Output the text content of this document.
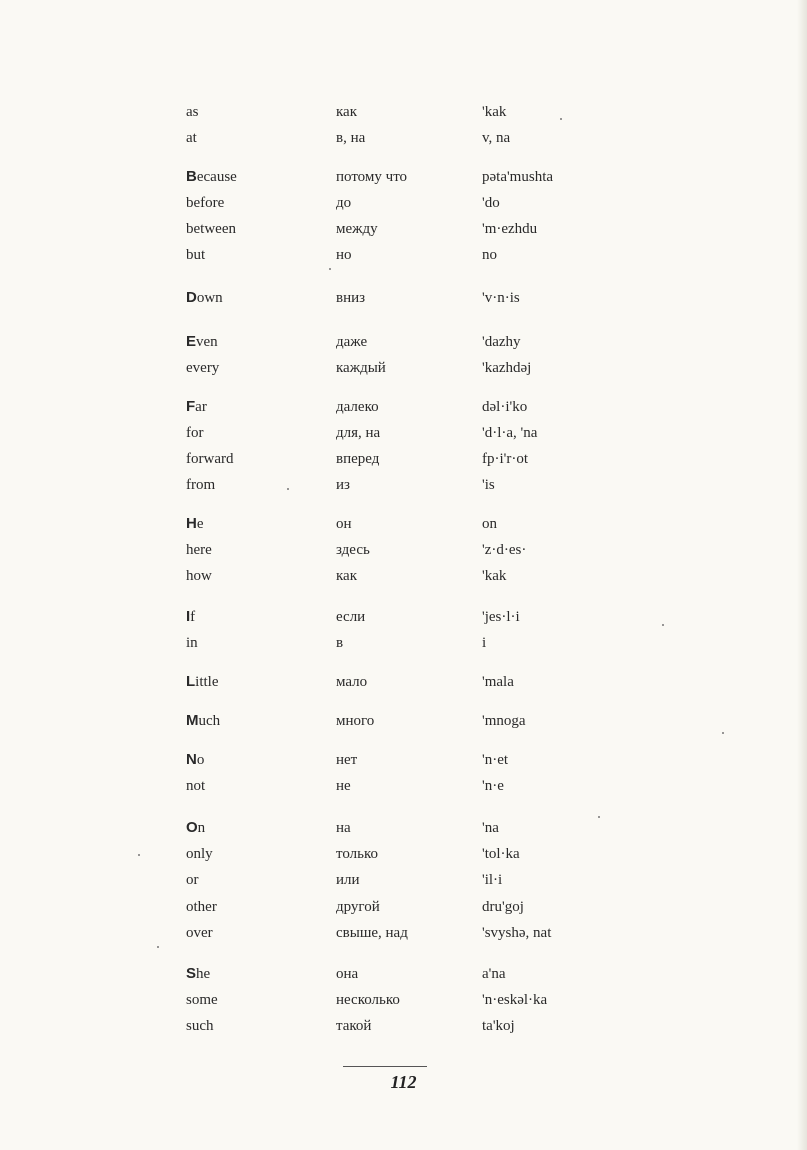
as	как	'kak
at	в, на	v, na
Because	потому что	pəta'mushta
before	до	'do
between	между	'm·ezhdu
but	но	no
Down	вниз	'v·n·is
Even	даже	'dazhy
every	каждый	'kazhdəj
Far	далеко	dəl·i'ko
for	для, на	'd·l·a, 'na
forward	вперед	fp·i'r·ot
from	из	'is
He	он	on
here	здесь	'z·d·es·
how	как	'kak
If	если	'jes·l·i
in	в	i
Little	мало	'mala
Much	много	'mnoga
No	нет	'n·et
not	не	'n·e
On	на	'na
only	только	'tol·ka
or	или	'il·i
other	другой	dru'goj
over	свыше, над	'svyshə, nat
She	она	a'na
some	несколько	'n·eskəl·ka
such	такой	ta'koj
112
